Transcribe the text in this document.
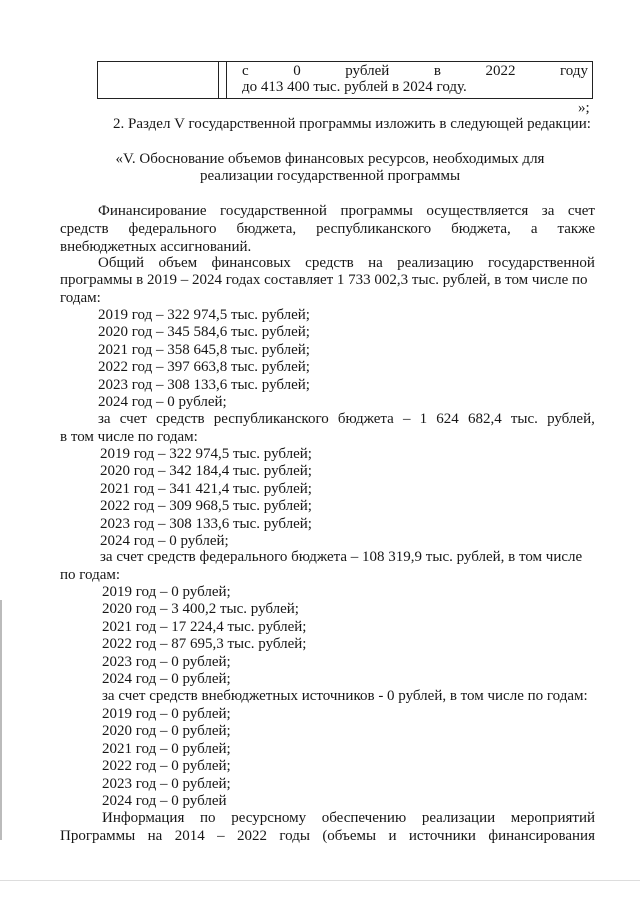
с	0	рублей	в	2022	году
до 413 400 тыс. рублей в 2024 году.
»;
2. Раздел V государственной программы изложить в следующей редакции:
«V. Обоснование объемов финансовых ресурсов, необходимых для
реализации государственной программы
Финансирование государственной программы осуществляется за счет
средств федерального бюджета, республиканского бюджета, а также
внебюджетных ассигнований.
Общий объем финансовых средств на реализацию государственной
программы в 2019 – 2024 годах составляет 1 733 002,3 тыс. рублей, в том числе по
годам:
2019 год – 322 974,5 тыс. рублей;
2020 год – 345 584,6 тыс. рублей;
2021 год – 358 645,8 тыс. рублей;
2022 год – 397 663,8 тыс. рублей;
2023 год – 308 133,6 тыс. рублей;
2024 год – 0 рублей;
за счет средств республиканского бюджета – 1 624 682,4 тыс. рублей,
в том числе по годам:
2019 год – 322 974,5 тыс. рублей;
2020 год – 342 184,4 тыс. рублей;
2021 год – 341 421,4 тыс. рублей;
2022 год – 309 968,5 тыс. рублей;
2023 год – 308 133,6 тыс. рублей;
2024 год – 0 рублей;
за счет средств федерального бюджета – 108 319,9 тыс. рублей, в том числе
по годам:
2019 год – 0 рублей;
2020 год – 3 400,2 тыс. рублей;
2021 год – 17 224,4 тыс. рублей;
2022 год – 87 695,3 тыс. рублей;
2023 год – 0 рублей;
2024 год – 0 рублей;
за счет средств внебюджетных источников - 0 рублей, в том числе по годам:
2019 год – 0 рублей;
2020 год – 0 рублей;
2021 год – 0 рублей;
2022 год – 0 рублей;
2023 год – 0 рублей;
2024 год – 0 рублей
Информация по ресурсному обеспечению реализации мероприятий
Программы на 2014 – 2022 годы (объемы и источники финансирования
